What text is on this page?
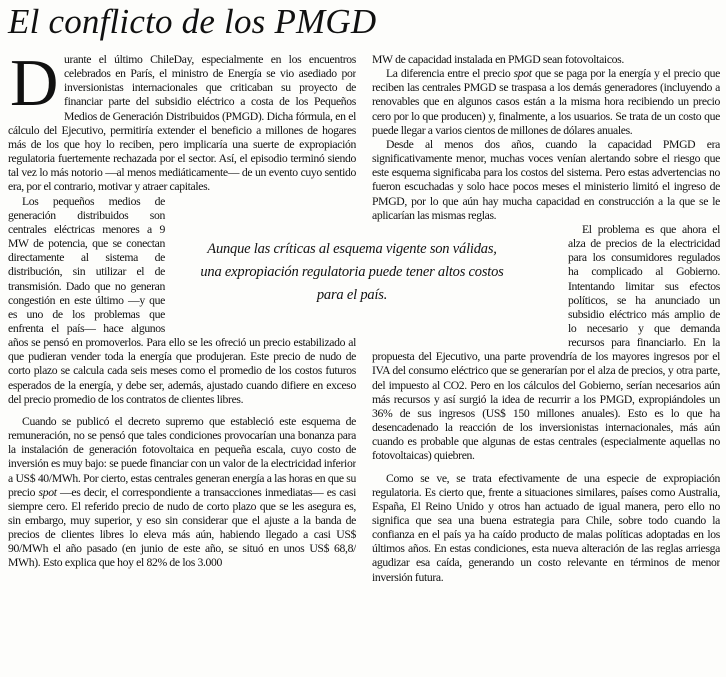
El conflicto de los PMGD

Durante el último ChileDay, especialmente en los encuentros celebrados en París, el ministro de Energía se vio asediado por inversionistas internacionales que criticaban su proyecto de financiar parte del subsidio eléctrico a costa de los Pequeños Medios de Generación Distribuidos (PMGD). Dicha fórmula, en el cálculo del Ejecutivo, permitiría extender el beneficio a millones de hogares más de los que hoy lo reciben, pero implicaría una suerte de expropiación regulatoria fuertemente rechazada por el sector. Así, el episodio terminó siendo tal vez lo más notorio —al menos mediáticamente— de un evento cuyo sentido era, por el contrario, motivar y atraer capitales.

Los pequeños medios de generación distribuidos son centrales eléctricas menores a 9 MW de potencia, que se conectan directamente al sistema de distribución, sin utilizar el de transmisión. Dado que no generan congestión en este último —y que es uno de los problemas que enfrenta el país— hace algunos años se pensó en promoverlos. Para ello se les ofreció un precio estabilizado al que pudieran vender toda la energía que produjeran. Este precio de nudo de corto plazo se calcula cada seis meses como el promedio de los costos futuros esperados de la energía, y debe ser, además, ajustado cuando difiere en exceso del precio promedio de los contratos de clientes libres.

Cuando se publicó el decreto supremo que estableció este esquema de remuneración, no se pensó que tales condiciones provocarían una bonanza para la instalación de generación fotovoltaica en pequeña escala, cuyo costo de inversión es muy bajo: se puede financiar con un valor de la electricidad inferior a US$ 40/MWh. Por cierto, estas centrales generan energía a las horas en que su precio spot —es decir, el correspondiente a transacciones inmediatas— es casi siempre cero. El referido precio de nudo de corto plazo que se les asegura es, sin embargo, muy superior, y eso sin considerar que el ajuste a la banda de precios de clientes libres lo eleva más aún, habiendo llegado a casi US$ 90/MWh el año pasado (en junio de este año, se situó en unos US$ 68,8/ MWh). Esto explica que hoy el 82% de los 3.000

MW de capacidad instalada en PMGD sean fotovoltaicos.

La diferencia entre el precio spot que se paga por la energía y el precio que reciben las centrales PMGD se traspasa a los demás generadores (incluyendo a renovables que en algunos casos están a la misma hora recibiendo un precio cero por lo que producen) y, finalmente, a los usuarios. Se trata de un costo que puede llegar a varios cientos de millones de dólares anuales.

Desde al menos dos años, cuando la capacidad PMGD era significativamente menor, muchas voces venían alertando sobre el riesgo que este esquema significaba para los costos del sistema. Pero estas advertencias no fueron escuchadas y solo hace pocos meses el ministerio limitó el ingreso de PMGD, por lo que aún hay mucha capacidad en construcción a la que se le aplicarían las mismas reglas.

El problema es que ahora el alza de precios de la electricidad para los consumidores regulados ha complicado al Gobierno. Intentando limitar sus efectos políticos, se ha anunciado un subsidio eléctrico más amplio de lo necesario y que demanda recursos para financiarlo. En la propuesta del Ejecutivo, una parte provendría de los mayores ingresos por el IVA del consumo eléctrico que se generarían por el alza de precios, y otra parte, del impuesto al CO2. Pero en los cálculos del Gobierno, serían necesarios aún más recursos y así surgió la idea de recurrir a los PMGD, expropiándoles un 36% de sus ingresos (US$ 150 millones anuales). Esto es lo que ha desencadenado la reacción de los inversionistas internacionales, más aún cuando es probable que algunas de estas centrales (especialmente aquellas no fotovoltaicas) quiebren.

Como se ve, se trata efectivamente de una especie de expropiación regulatoria. Es cierto que, frente a situaciones similares, países como Australia, España, El Reino Unido y otros han actuado de igual manera, pero ello no significa que sea una buena estrategia para Chile, sobre todo cuando la confianza en el país ya ha caído producto de malas políticas adoptadas en los últimos años. En estas condiciones, esta nueva alteración de las reglas arriesga agudizar esa caída, generando un costo relevante en términos de menor inversión futura.

Aunque las críticas al esquema vigente son válidas, una expropiación regulatoria puede tener altos costos para el país.
